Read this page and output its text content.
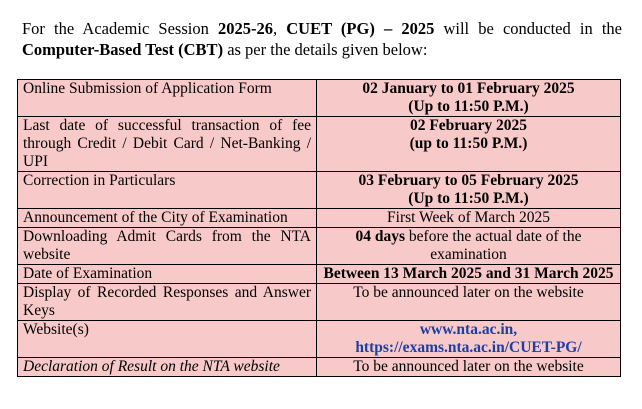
For the Academic Session 2025-26, CUET (PG) – 2025 will be conducted in the Computer-Based Test (CBT) as per the details given below:
Online Submission of Application Form	02 January to 01 February 2025
(Up to 11:50 P.M.)

Last date of successful transaction of fee through Credit / Debit Card / Net-Banking / UPI	02 February 2025
(up to 11:50 P.M.)

Correction in Particulars	03 February to 05 February 2025
(Up to 11:50 P.M.)

Announcement of the City of Examination	First Week of March 2025
Downloading Admit Cards from the NTA website	04 days before the actual date of the examination
Date of Examination	Between 13 March 2025 and 31 March 2025
Display of Recorded Responses and Answer Keys	To be announced later on the website
Website(s)	www.nta.ac.in,
https://exams.nta.ac.in/CUET-PG/

Declaration of Result on the NTA website	To be announced later on the website
